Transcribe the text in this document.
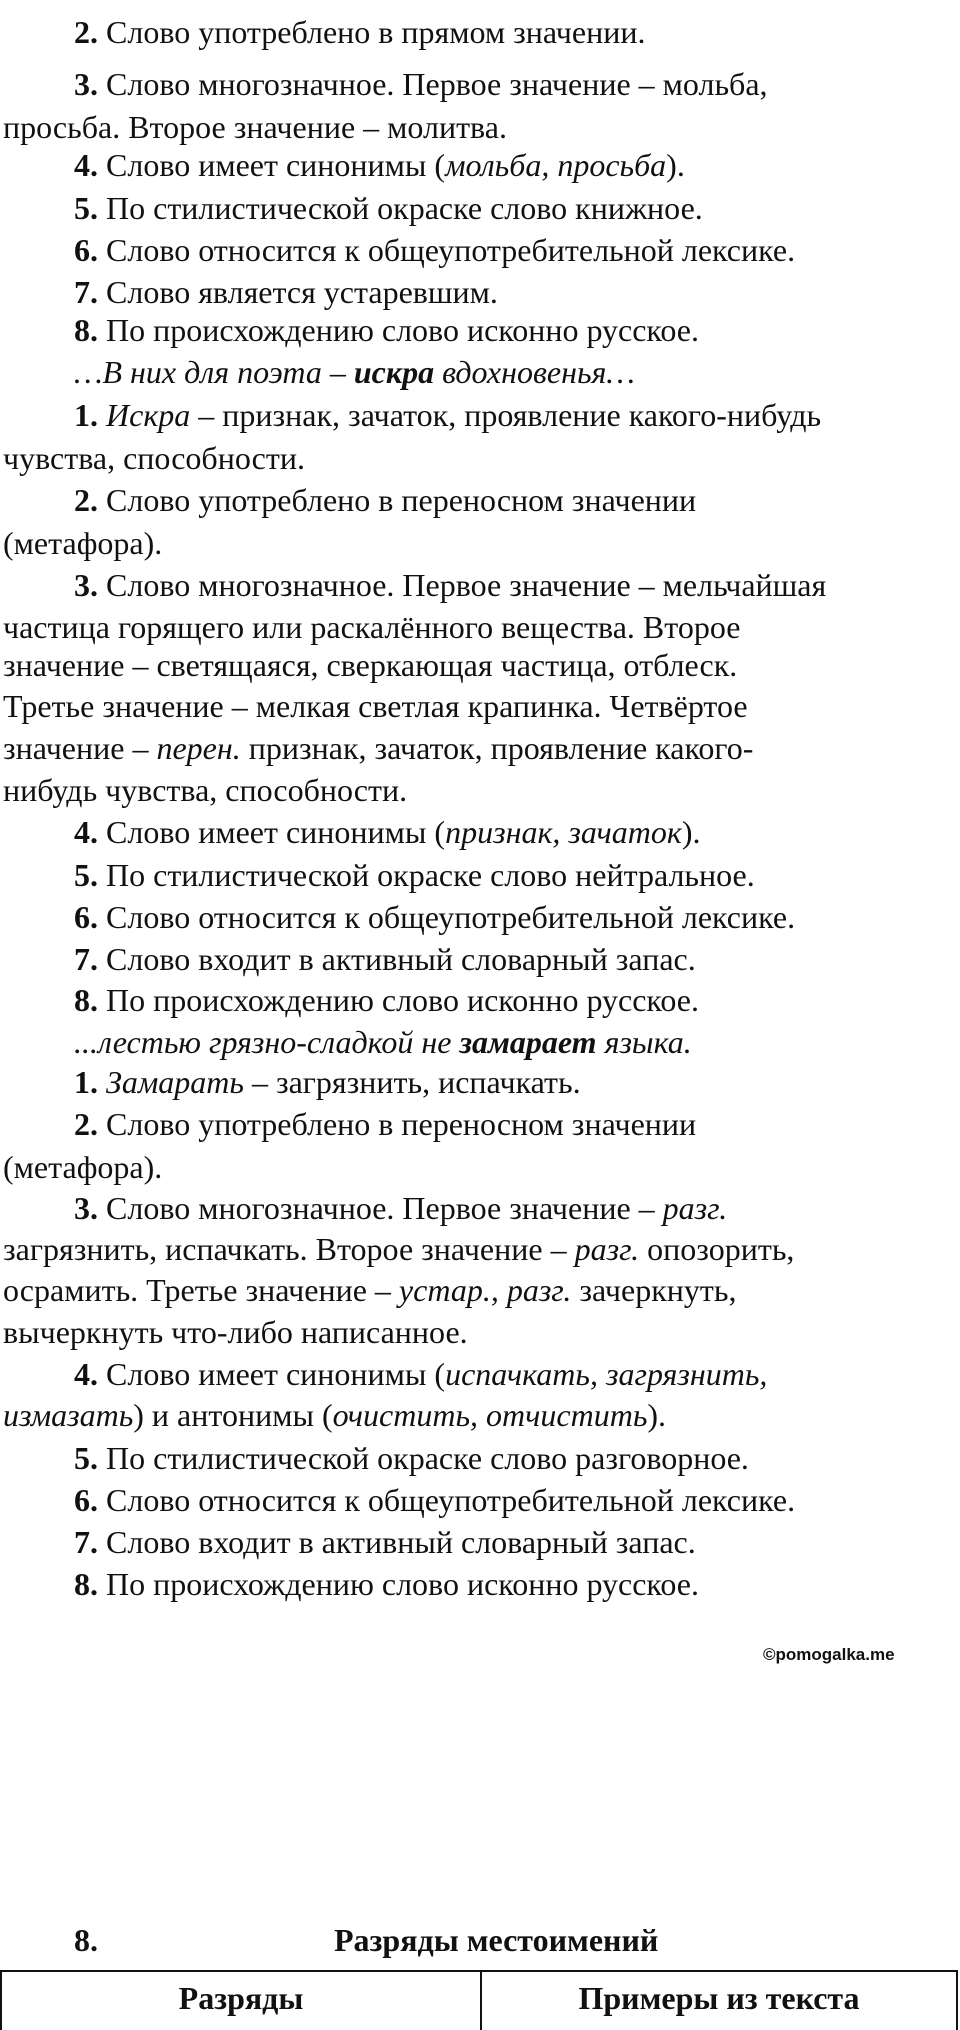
2. Слово употреблено в прямом значении.
3. Слово многозначное. Первое значение – мольба,
просьба. Второе значение – молитва.
4. Слово имеет синонимы (мольба, просьба).
5. По стилистической окраске слово книжное.
6. Слово относится к общеупотребительной лексике.
7. Слово является устаревшим.
8. По происхождению слово исконно русское.
…В них для поэта – искра вдохновенья…
1. Искра – признак, зачаток, проявление какого-нибудь
чувства, способности.
2. Слово употреблено в переносном значении
(метафора).
3. Слово многозначное. Первое значение – мельчайшая
частица горящего или раскалённого вещества. Второе
значение – светящаяся, сверкающая частица, отблеск.
Третье значение – мелкая светлая крапинка. Четвёртое
значение – перен. признак, зачаток, проявление какого-
нибудь чувства, способности.
4. Слово имеет синонимы (признак, зачаток).
5. По стилистической окраске слово нейтральное.
6. Слово относится к общеупотребительной лексике.
7. Слово входит в активный словарный запас.
8. По происхождению слово исконно русское.
...лестью грязно-сладкой не замарает языка.
1. Замарать – загрязнить, испачкать.
2. Слово употреблено в переносном значении
(метафора).
3. Слово многозначное. Первое значение – разг.
загрязнить, испачкать. Второе значение – разг. опозорить,
осрамить. Третье значение – устар., разг. зачеркнуть,
вычеркнуть что-либо написанное.
4. Слово имеет синонимы (испачкать, загрязнить,
измазать) и антонимы (очистить, отчистить).
5. По стилистической окраске слово разговорное.
6. Слово относится к общеупотребительной лексике.
7. Слово входит в активный словарный запас.
8. По происхождению слово исконно русское.
©pomogalka.me
8.	Разряды местоимений
Разряды	Примеры из текста
